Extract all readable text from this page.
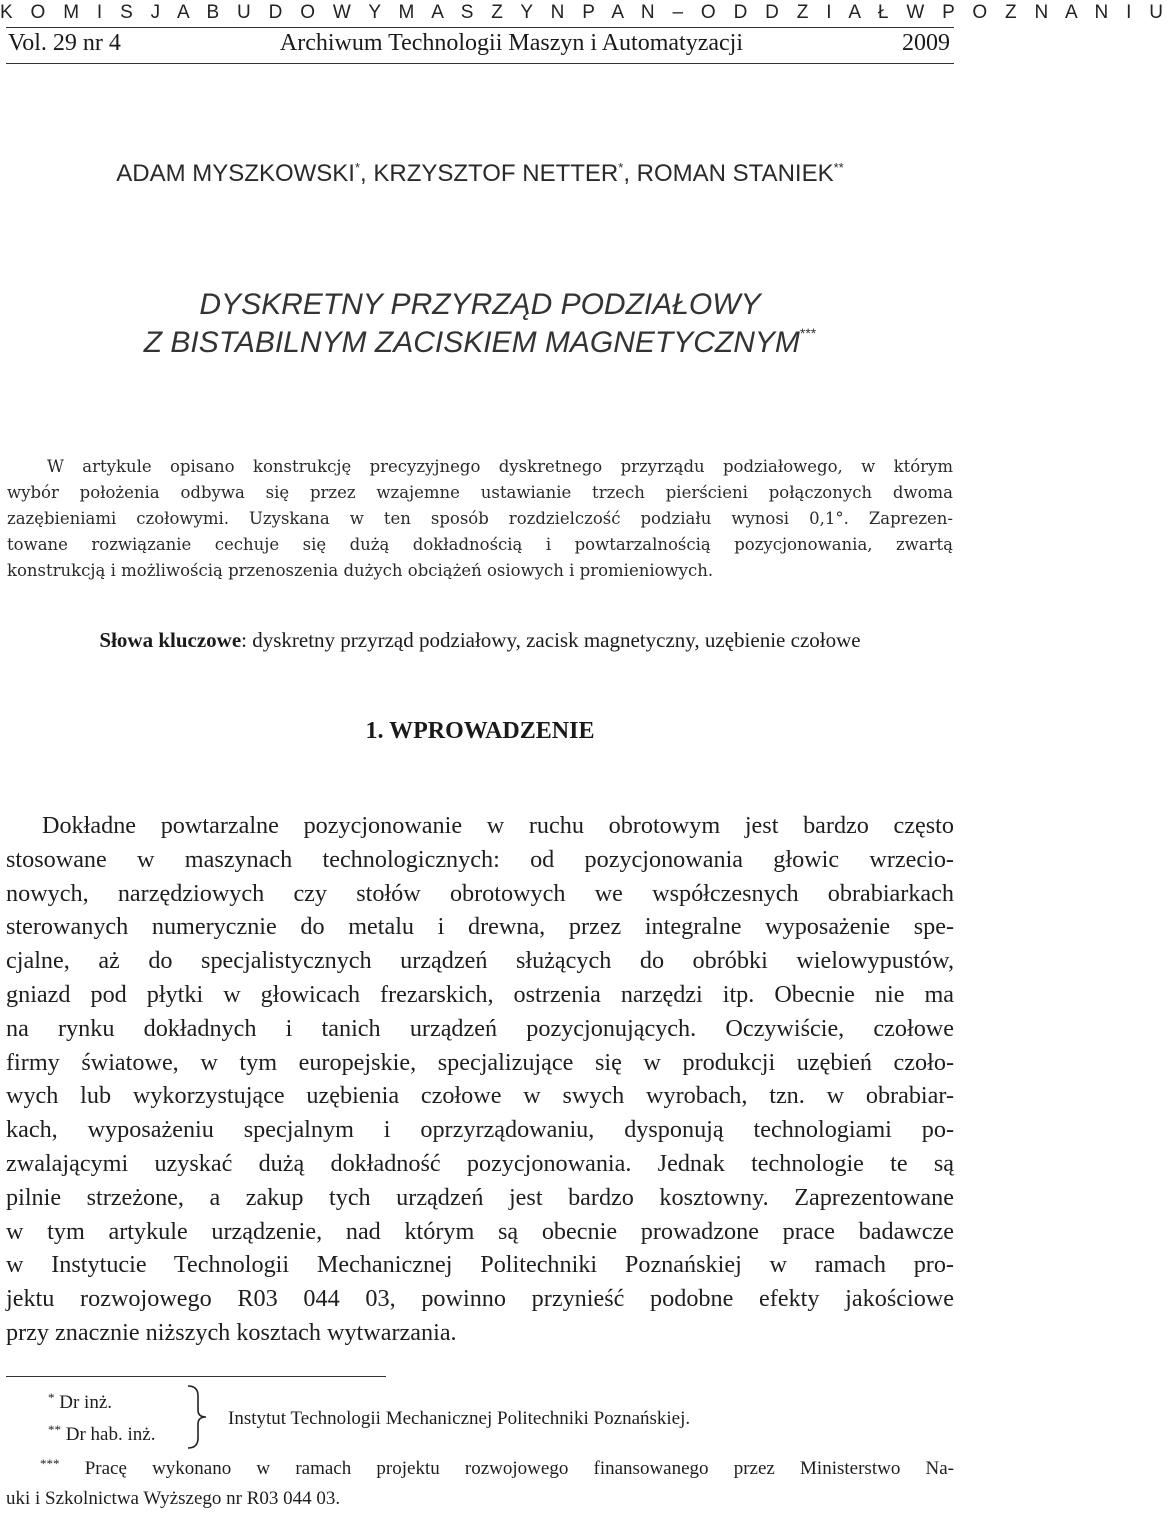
K O M I S J A B U D O W Y M A S Z Y N P A N – O D D Z I A Ł W P O Z N A N I U
Vol. 29 nr 4	Archiwum Technologii Maszyn i Automatyzacji	2009
ADAM MYSZKOWSKI*, KRZYSZTOF NETTER*, ROMAN STANIEK**
DYSKRETNY PRZYRZĄD PODZIAŁOWY
Z BISTABILNYM ZACISKIEM MAGNETYCZNYM***
W artykule opisano konstrukcję precyzyjnego dyskretnego przyrządu podziałowego, w którym
wybór położenia odbywa się przez wzajemne ustawianie trzech pierścieni połączonych dwoma
zazębieniami czołowymi. Uzyskana w ten sposób rozdzielczość podziału wynosi 0,1°. Zaprezen-
towane rozwiązanie cechuje się dużą dokładnością i powtarzalnością pozycjonowania, zwartą
konstrukcją i możliwością przenoszenia dużych obciążeń osiowych i promieniowych.
Słowa kluczowe: dyskretny przyrząd podziałowy, zacisk magnetyczny, uzębienie czołowe
1. WPROWADZENIE
Dokładne powtarzalne pozycjonowanie w ruchu obrotowym jest bardzo często
stosowane w maszynach technologicznych: od pozycjonowania głowic wrzecio-
nowych, narzędziowych czy stołów obrotowych we współczesnych obrabiarkach
sterowanych numerycznie do metalu i drewna, przez integralne wyposażenie spe-
cjalne, aż do specjalistycznych urządzeń służących do obróbki wielowypustów,
gniazd pod płytki w głowicach frezarskich, ostrzenia narzędzi itp. Obecnie nie ma
na rynku dokładnych i tanich urządzeń pozycjonujących. Oczywiście, czołowe
firmy światowe, w tym europejskie, specjalizujące się w produkcji uzębień czoło-
wych lub wykorzystujące uzębienia czołowe w swych wyrobach, tzn. w obrabiar-
kach, wyposażeniu specjalnym i oprzyrządowaniu, dysponują technologiami po-
zwalającymi uzyskać dużą dokładność pozycjonowania. Jednak technologie te są
pilnie strzeżone, a zakup tych urządzeń jest bardzo kosztowny. Zaprezentowane
w tym artykule urządzenie, nad którym są obecnie prowadzone prace badawcze
w Instytucie Technologii Mechanicznej Politechniki Poznańskiej w ramach pro-
jektu rozwojowego R03 044 03, powinno przynieść podobne efekty jakościowe
przy znacznie niższych kosztach wytwarzania.
* Dr inż.
** Dr hab. inż.
Instytut Technologii Mechanicznej Politechniki Poznańskiej.
*** Pracę wykonano w ramach projektu rozwojowego finansowanego przez Ministerstwo Na-
uki i Szkolnictwa Wyższego nr R03 044 03.
